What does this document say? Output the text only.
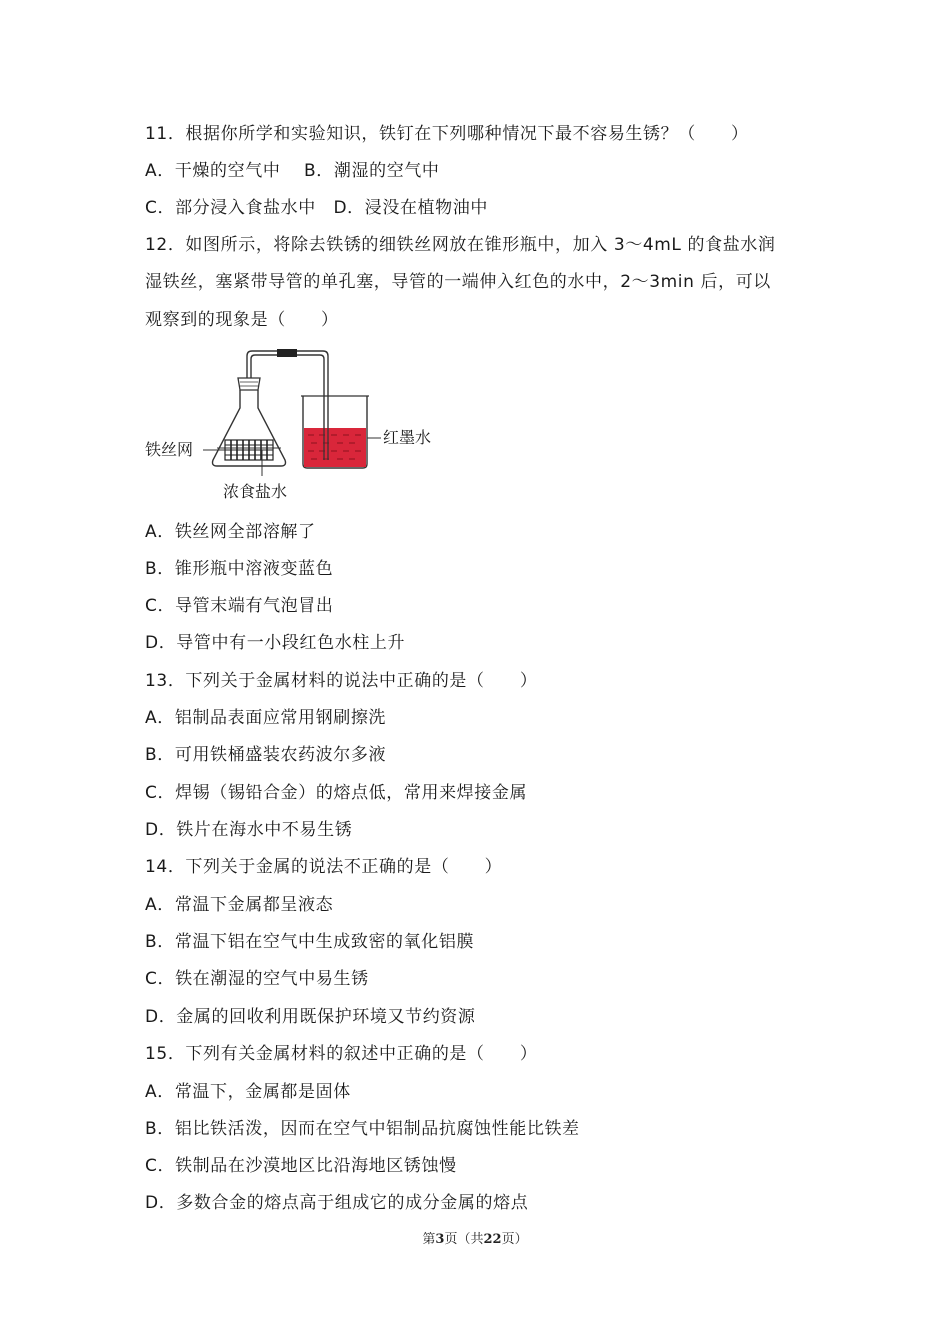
11．根据你所学和实验知识，铁钉在下列哪种情况下最不容易生锈？（　　）
A．干燥的空气中　 B．潮湿的空气中
C．部分浸入食盐水中　D．浸没在植物油中
12．如图所示，将除去铁锈的细铁丝网放在锥形瓶中，加入 3～4mL 的食盐水润
湿铁丝，塞紧带导管的单孔塞，导管的一端伸入红色的水中，2～3min 后，可以
观察到的现象是（　　）
铁丝网
红墨水
浓食盐水
A．铁丝网全部溶解了
B．锥形瓶中溶液变蓝色
C．导管末端有气泡冒出
D．导管中有一小段红色水柱上升
13．下列关于金属材料的说法中正确的是（　　）
A．铝制品表面应常用钢刷擦洗
B．可用铁桶盛装农药波尔多液
C．焊锡（锡铅合金）的熔点低，常用来焊接金属
D．铁片在海水中不易生锈
14．下列关于金属的说法不正确的是（　　）
A．常温下金属都呈液态
B．常温下铝在空气中生成致密的氧化铝膜
C．铁在潮湿的空气中易生锈
D．金属的回收利用既保护环境又节约资源
15．下列有关金属材料的叙述中正确的是（　　）
A．常温下，金属都是固体
B．铝比铁活泼，因而在空气中铝制品抗腐蚀性能比铁差
C．铁制品在沙漠地区比沿海地区锈蚀慢
D．多数合金的熔点高于组成它的成分金属的熔点
第3页（共22页）
